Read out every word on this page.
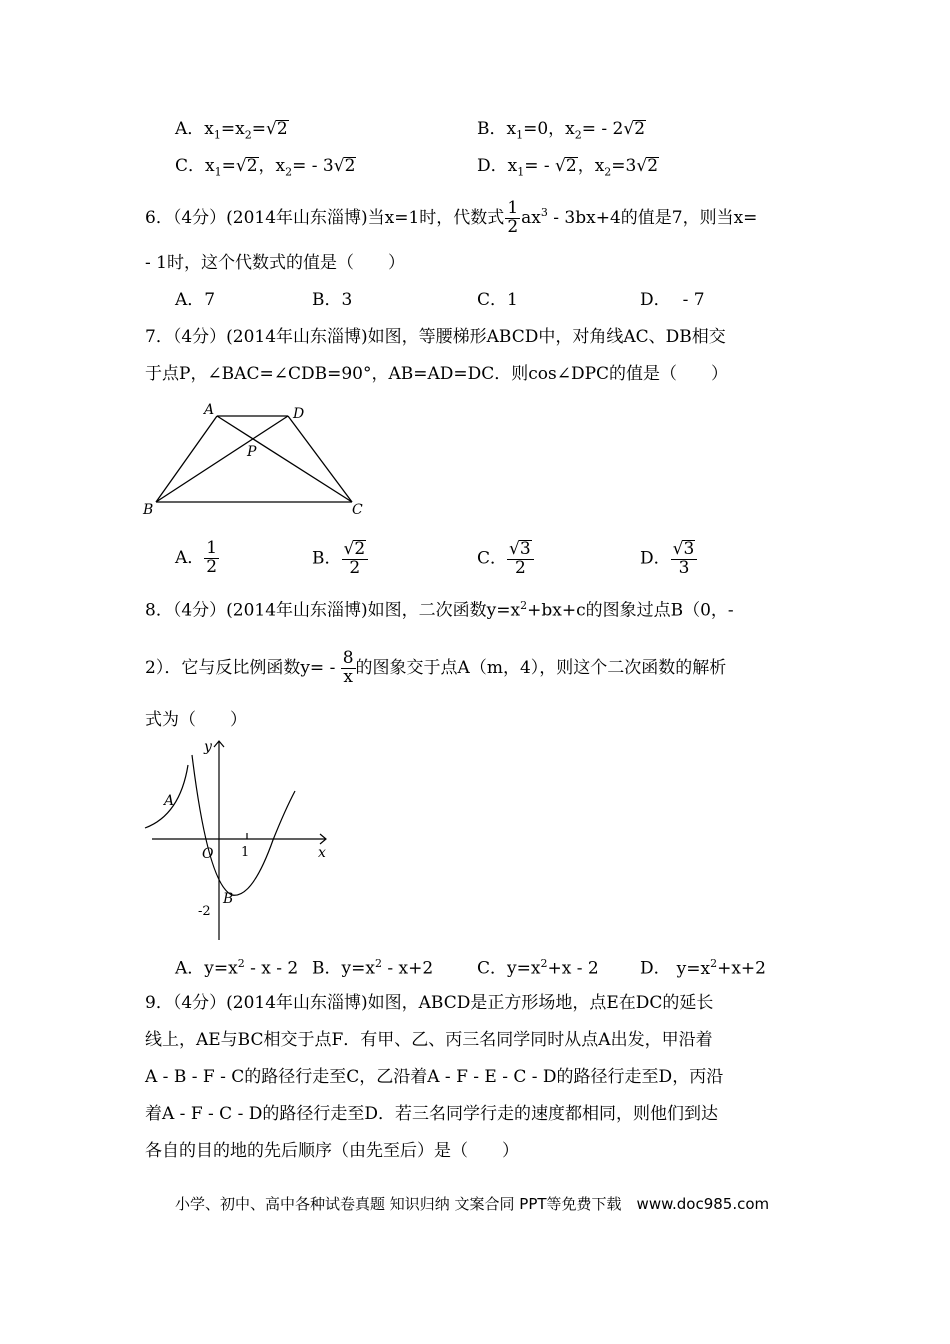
A．$x_1=x_2=√2$	B．$x_1=0$，$x_2=$ ‐ 2√2
C．$x_1=√2$，$x_2=$ ‐ 3√2	D．$x_1=$ ‐ √2，$x_2=3√2$
6．（4分）(2014年山东淄博)当x=1时，代数式 $\frac{1}{2} ax^3$ ‐ 3bx+4的值是7，则当x=
‐ 1时，这个代数式的值是（　　）
A．7	B．3	C．1	D． ‐ 7
7．（4分）(2014年山东淄博)如图，等腰梯形ABCD中，对角线AC、DB相交
于点P，∠BAC=∠CDB=90°，AB=AD=DC．则cos∠DPC的值是（　　）
A	D
P
B	C
A． $\frac{1}{2}$	B． $\frac{√2}{2}$	C． $\frac{√3}{2}$	D． $\frac{√3}{3}$
8．（4分）(2014年山东淄博)如图，二次函数$y=x^2+bx+c$的图象过点B（0，‐
2）．它与反比例函数y= ‐ $\frac{8}{x}$ 的图象交于点A（m，4），则这个二次函数的解析
式为（　　）
y
x
A
O
B
1
-2
A．$y=x^2$ ‐ x ‐ 2 B．$y=x^2$ ‐ x+2	C．$y=x^2+x$ ‐ 2 D． $y=x^2+x+2$
9．（4分）(2014年山东淄博)如图，ABCD是正方形场地，点E在DC的延长
线上，AE与BC相交于点F．有甲、乙、丙三名同学同时从点A出发，甲沿着
A ‐ B ‐ F ‐ C的路径行走至C，乙沿着A ‐ F ‐ E ‐ C ‐ D的路径行走至D，丙沿
着A ‐ F ‐ C ‐ D的路径行走至D．若三名同学行走的速度都相同，则他们到达
各自的目的地的先后顺序（由先至后）是（　　）
小学、初中、高中各种试卷真题 知识归纳 文案合同 PPT等免费下载　www.doc985.com
